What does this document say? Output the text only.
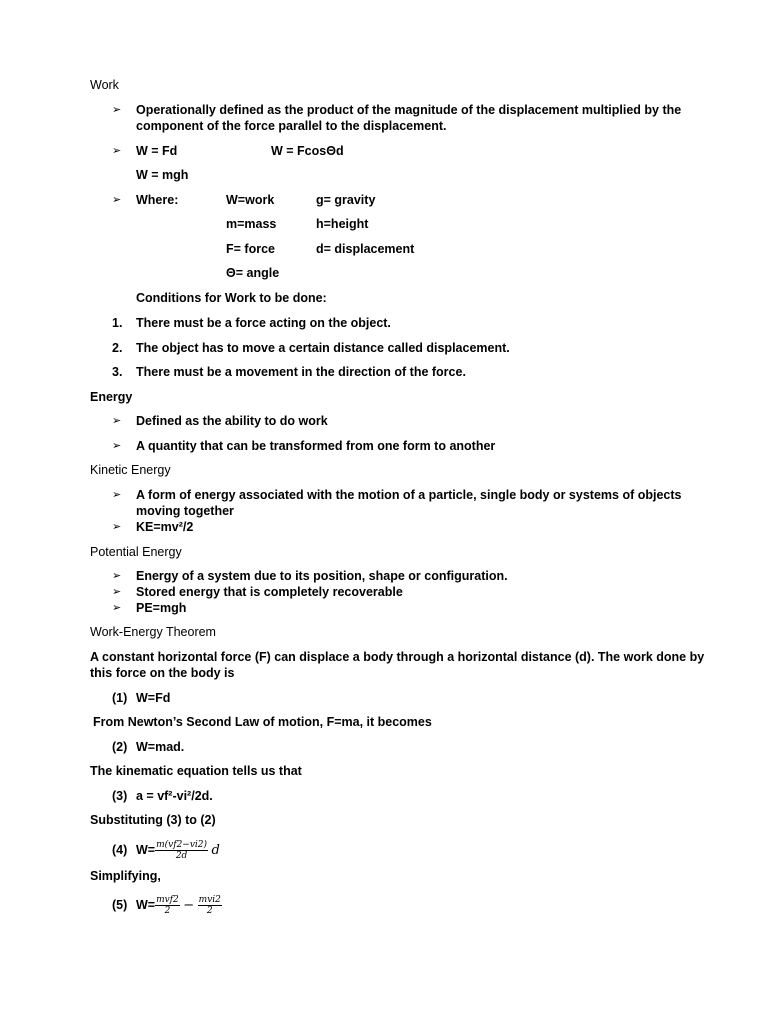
Work
➢ Operationally defined as the product of the magnitude of the displacement multiplied by the
component of the force parallel to the displacement.
➢ W = Fd	W = FcosΘd
W = mgh
➢ Where:	W=work	g= gravity
m=mass	h=height
F= force	d= displacement
Θ= angle
Conditions for Work to be done:
1. There must be a force acting on the object.
2. The object has to move a certain distance called displacement.
3. There must be a movement in the direction of the force.
Energy
➢ Defined as the ability to do work
➢ A quantity that can be transformed from one form to another
Kinetic Energy
➢ A form of energy associated with the motion of a particle, single body or systems of objects
moving together
➢ KE=mv²/2
Potential Energy
➢ Energy of a system due to its position, shape or configuration.
➢ Stored energy that is completely recoverable
➢ PE=mgh
Work-Energy Theorem
A constant horizontal force (F) can displace a body through a horizontal distance (d). The work done by
this force on the body is
(1) W=Fd
From Newton’s Second Law of motion, F=ma, it becomes
(2) W=mad.
The kinematic equation tells us that
(3) a = vf²-vi²/2d.
Substituting (3) to (2)
(4) $W= \frac{m(vf2-vi2)}{2d}$ d
Simplifying,
(5) $W= \frac{\text{mvf2}}{2} - \frac{\text{mvi2}}{2}$
